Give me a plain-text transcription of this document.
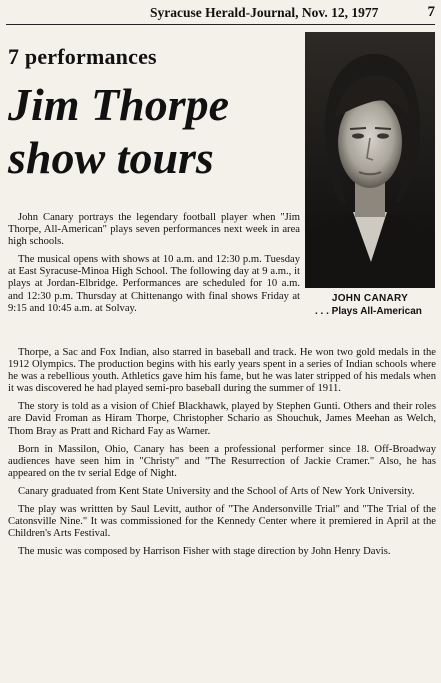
Syracuse Herald-Journal, Nov. 12, 1977	7
7 performances
Jim Thorpe
show tours
JOHN CANARY
. . . Plays All-American

John Canary portrays the legendary football player when "Jim Thorpe, All-American" plays seven performances next week in area high schools.

The musical opens with shows at 10 a.m. and 12:30 p.m. Tuesday at East Syracuse-Minoa High School. The following day at 9 a.m., it plays at Jordan-Elbridge. Performances are scheduled for 10 a.m. and 12:30 p.m. Thursday at Chittenango with final shows Friday at 9:15 and 10:45 a.m. at Solvay.

Thorpe, a Sac and Fox Indian, also starred in baseball and track. He won two gold medals in the 1912 Olympics. The production begins with his early years spent in a series of Indian schools where he was a rebellious youth. Athletics gave him his fame, but he was later stripped of his medals when it was discovered he had played semi-pro baseball during the summer of 1911.

The story is told as a vision of Chief Blackhawk, played by Stephen Gunti. Others and their roles are David Froman as Hiram Thorpe, Christopher Schario as Shouchuk, James Meehan as Welch, Thom Bray as Pratt and Richard Fay as Warner.

Born in Massilon, Ohio, Canary has been a professional performer since 18. Off-Broadway audiences have seen him in "Christy" and "The Resurrection of Jackie Cramer." Also, he has appeared on the tv serial Edge of Night.

Canary graduated from Kent State University and the School of Arts of New York University.

The play was writtten by Saul Levitt, author of "The Andersonville Trial" and "The Trial of the Catonsville Nine." It was commissioned for the Kennedy Center where it premiered in April at the Children's Arts Festival.

The music was composed by Harrison Fisher with stage direction by John Henry Davis.
